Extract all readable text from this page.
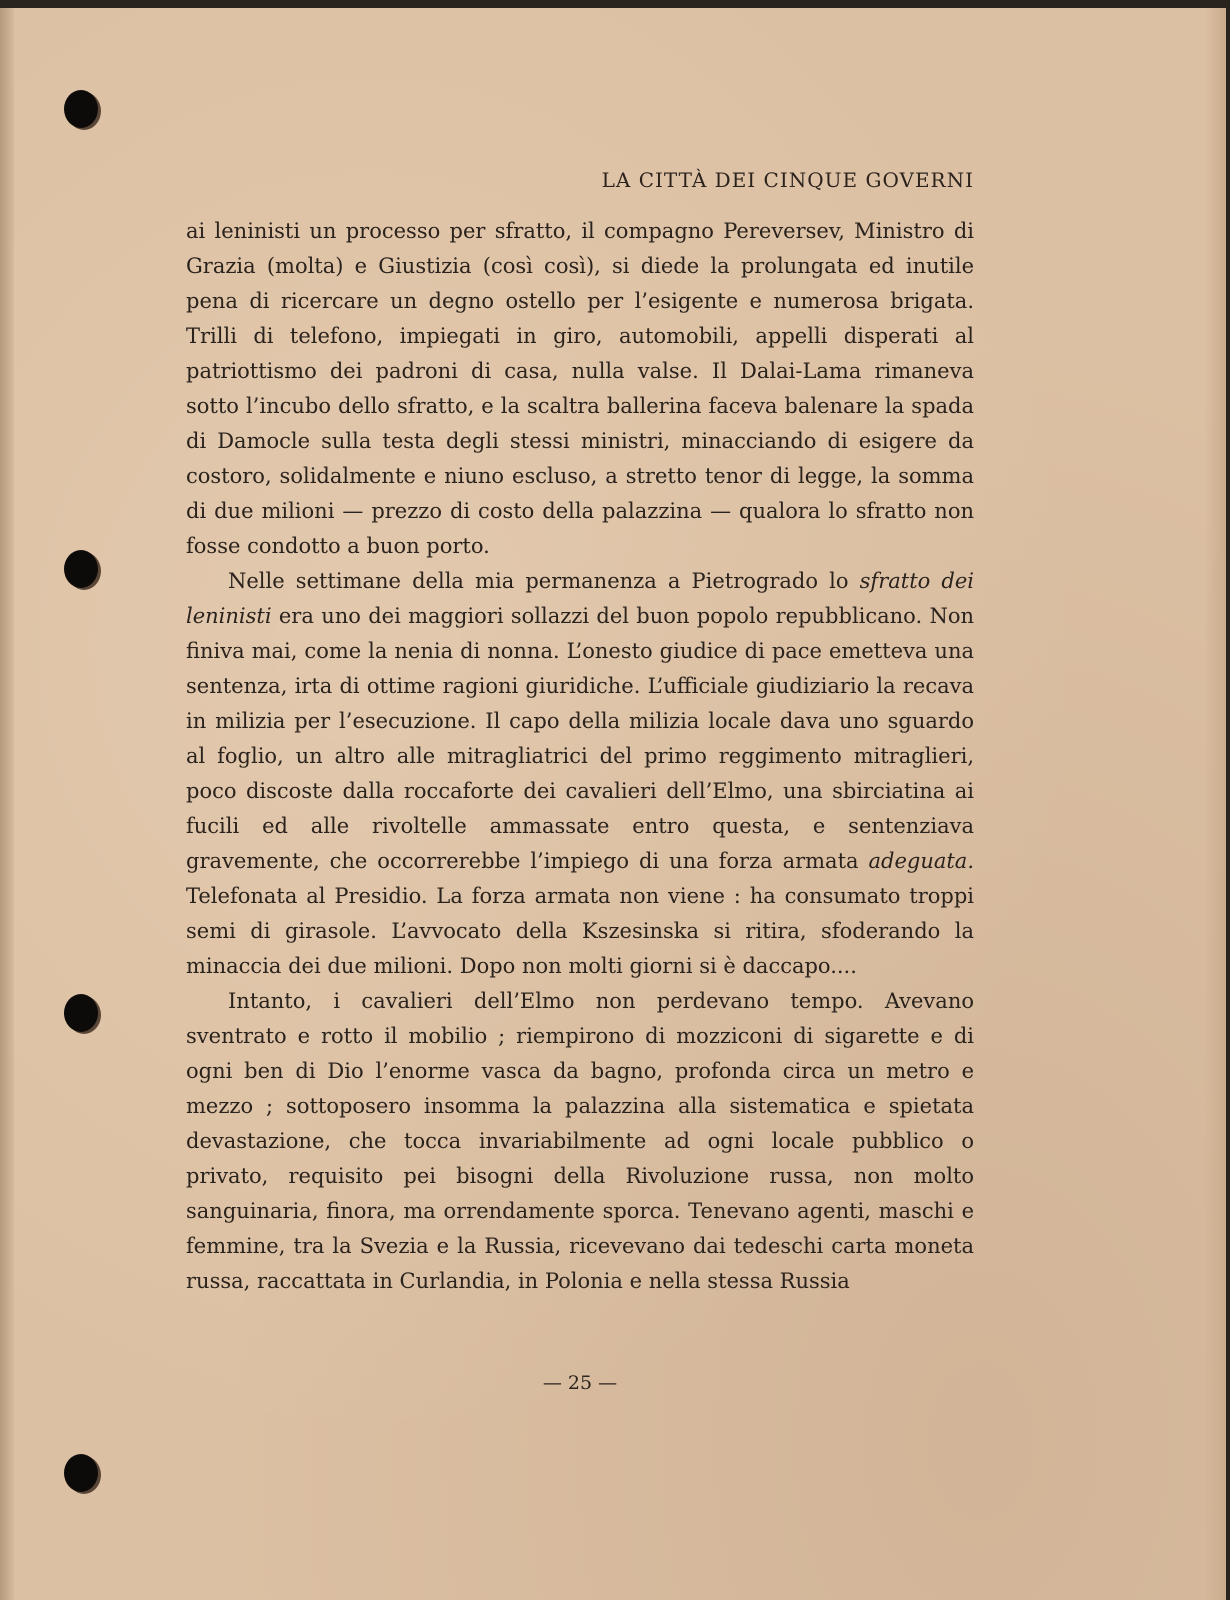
LA CITTÀ DEI CINQUE GOVERNI

ai leninisti un processo per sfratto, il compagno Pereversev, Ministro di Grazia (molta) e Giustizia (così così), si diede la prolungata ed inutile pena di ricercare un degno ostello per l’esigente e numerosa brigata. Trilli di telefono, impiegati in giro, automobili, appelli disperati al patriottismo dei padroni di casa, nulla valse. Il Dalai-Lama rimaneva sotto l’incubo dello sfratto, e la scaltra ballerina faceva balenare la spada di Damocle sulla testa degli stessi ministri, minacciando di esigere da costoro, solidalmente e niuno escluso, a stretto tenor di legge, la somma di due milioni — prezzo di costo della palazzina — qualora lo sfratto non fosse condotto a buon porto.

Nelle settimane della mia permanenza a Pietrogrado lo sfratto dei leninisti era uno dei maggiori sollazzi del buon popolo repubblicano. Non finiva mai, come la nenia di nonna. L’onesto giudice di pace emetteva una sentenza, irta di ottime ragioni giuridiche. L’ufficiale giudiziario la recava in milizia per l’esecuzione. Il capo della milizia locale dava uno sguardo al foglio, un altro alle mitragliatrici del primo reggimento mitraglieri, poco discoste dalla roccaforte dei cavalieri dell’Elmo, una sbirciatina ai fucili ed alle rivoltelle ammassate entro questa, e sentenziava gravemente, che occorrerebbe l’impiego di una forza armata adeguata. Telefonata al Presidio. La forza armata non viene : ha consumato troppi semi di girasole. L’avvocato della Kszesinska si ritira, sfoderando la minaccia dei due milioni. Dopo non molti giorni si è daccapo....

Intanto, i cavalieri dell’Elmo non perdevano tempo. Avevano sventrato e rotto il mobilio ; riempirono di mozziconi di sigarette e di ogni ben di Dio l’enorme vasca da bagno, profonda circa un metro e mezzo ; sottoposero insomma la palazzina alla sistematica e spietata devastazione, che tocca invariabilmente ad ogni locale pubblico o privato, requisito pei bisogni della Rivoluzione russa, non molto sanguinaria, finora, ma orrendamente sporca. Tenevano agenti, maschi e femmine, tra la Svezia e la Russia, ricevevano dai tedeschi carta moneta russa, raccattata in Curlandia, in Polonia e nella stessa Russia

— 25 —
